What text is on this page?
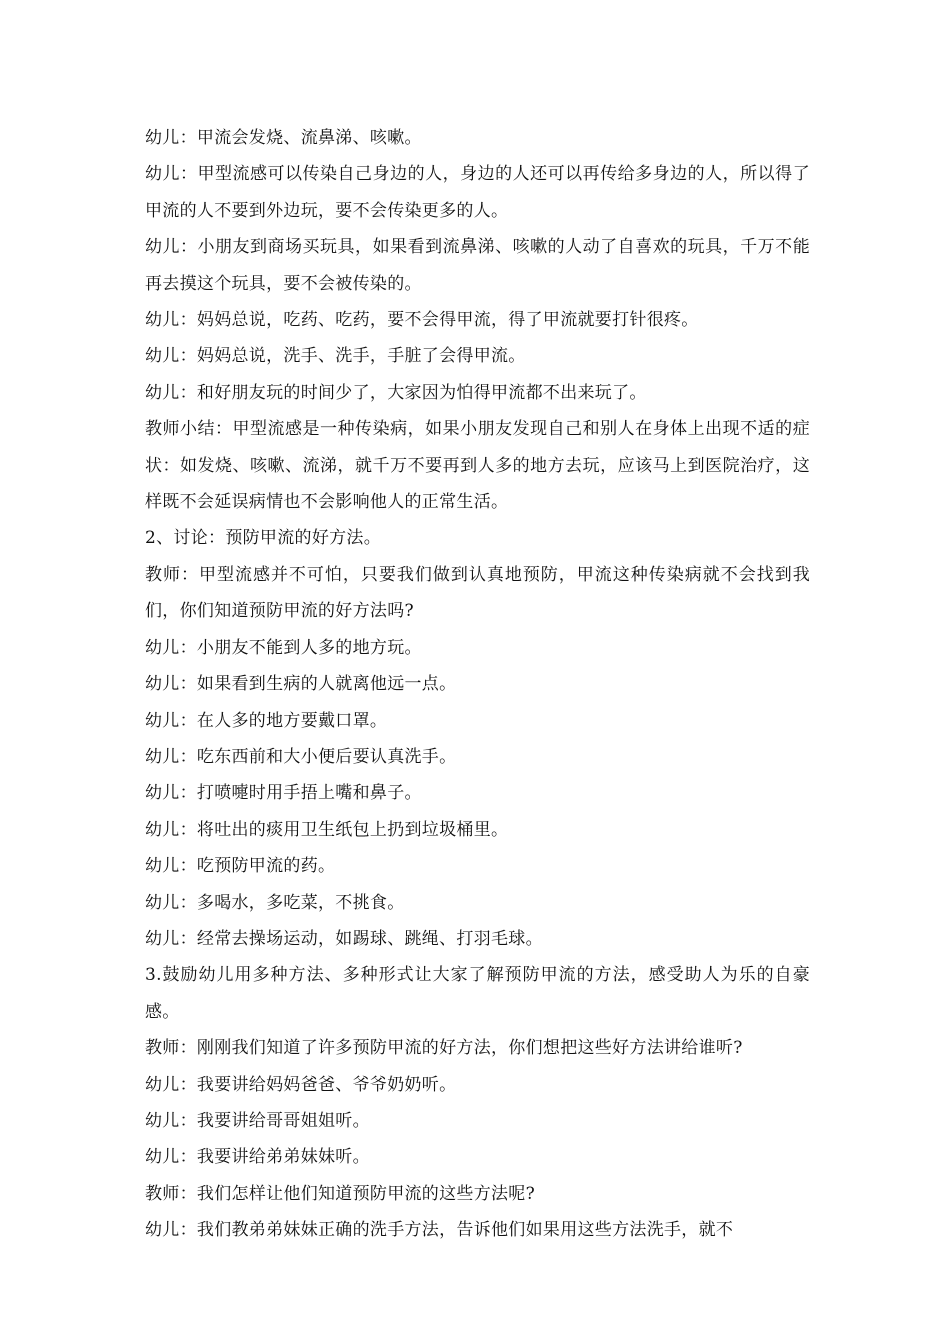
幼儿：甲流会发烧、流鼻涕、咳嗽。

幼儿：甲型流感可以传染自己身边的人，身边的人还可以再传给多身边的人，所以得了甲流的人不要到外边玩，要不会传染更多的人。

幼儿：小朋友到商场买玩具，如果看到流鼻涕、咳嗽的人动了自喜欢的玩具，千万不能再去摸这个玩具，要不会被传染的。

幼儿：妈妈总说，吃药、吃药，要不会得甲流，得了甲流就要打针很疼。

幼儿：妈妈总说，洗手、洗手，手脏了会得甲流。

幼儿：和好朋友玩的时间少了，大家因为怕得甲流都不出来玩了。

教师小结：甲型流感是一种传染病，如果小朋友发现自己和别人在身体上出现不适的症状：如发烧、咳嗽、流涕，就千万不要再到人多的地方去玩，应该马上到医院治疗，这样既不会延误病情也不会影响他人的正常生活。

2、讨论：预防甲流的好方法。

教师：甲型流感并不可怕，只要我们做到认真地预防，甲流这种传染病就不会找到我们，你们知道预防甲流的好方法吗?

幼儿：小朋友不能到人多的地方玩。

幼儿：如果看到生病的人就离他远一点。

幼儿：在人多的地方要戴口罩。

幼儿：吃东西前和大小便后要认真洗手。

幼儿：打喷嚏时用手捂上嘴和鼻子。

幼儿：将吐出的痰用卫生纸包上扔到垃圾桶里。

幼儿：吃预防甲流的药。

幼儿：多喝水，多吃菜，不挑食。

幼儿：经常去操场运动，如踢球、跳绳、打羽毛球。

3.鼓励幼儿用多种方法、多种形式让大家了解预防甲流的方法，感受助人为乐的自豪感。

教师：刚刚我们知道了许多预防甲流的好方法，你们想把这些好方法讲给谁听?

幼儿：我要讲给妈妈爸爸、爷爷奶奶听。

幼儿：我要讲给哥哥姐姐听。

幼儿：我要讲给弟弟妹妹听。

教师：我们怎样让他们知道预防甲流的这些方法呢?

幼儿：我们教弟弟妹妹正确的洗手方法，告诉他们如果用这些方法洗手，就不
